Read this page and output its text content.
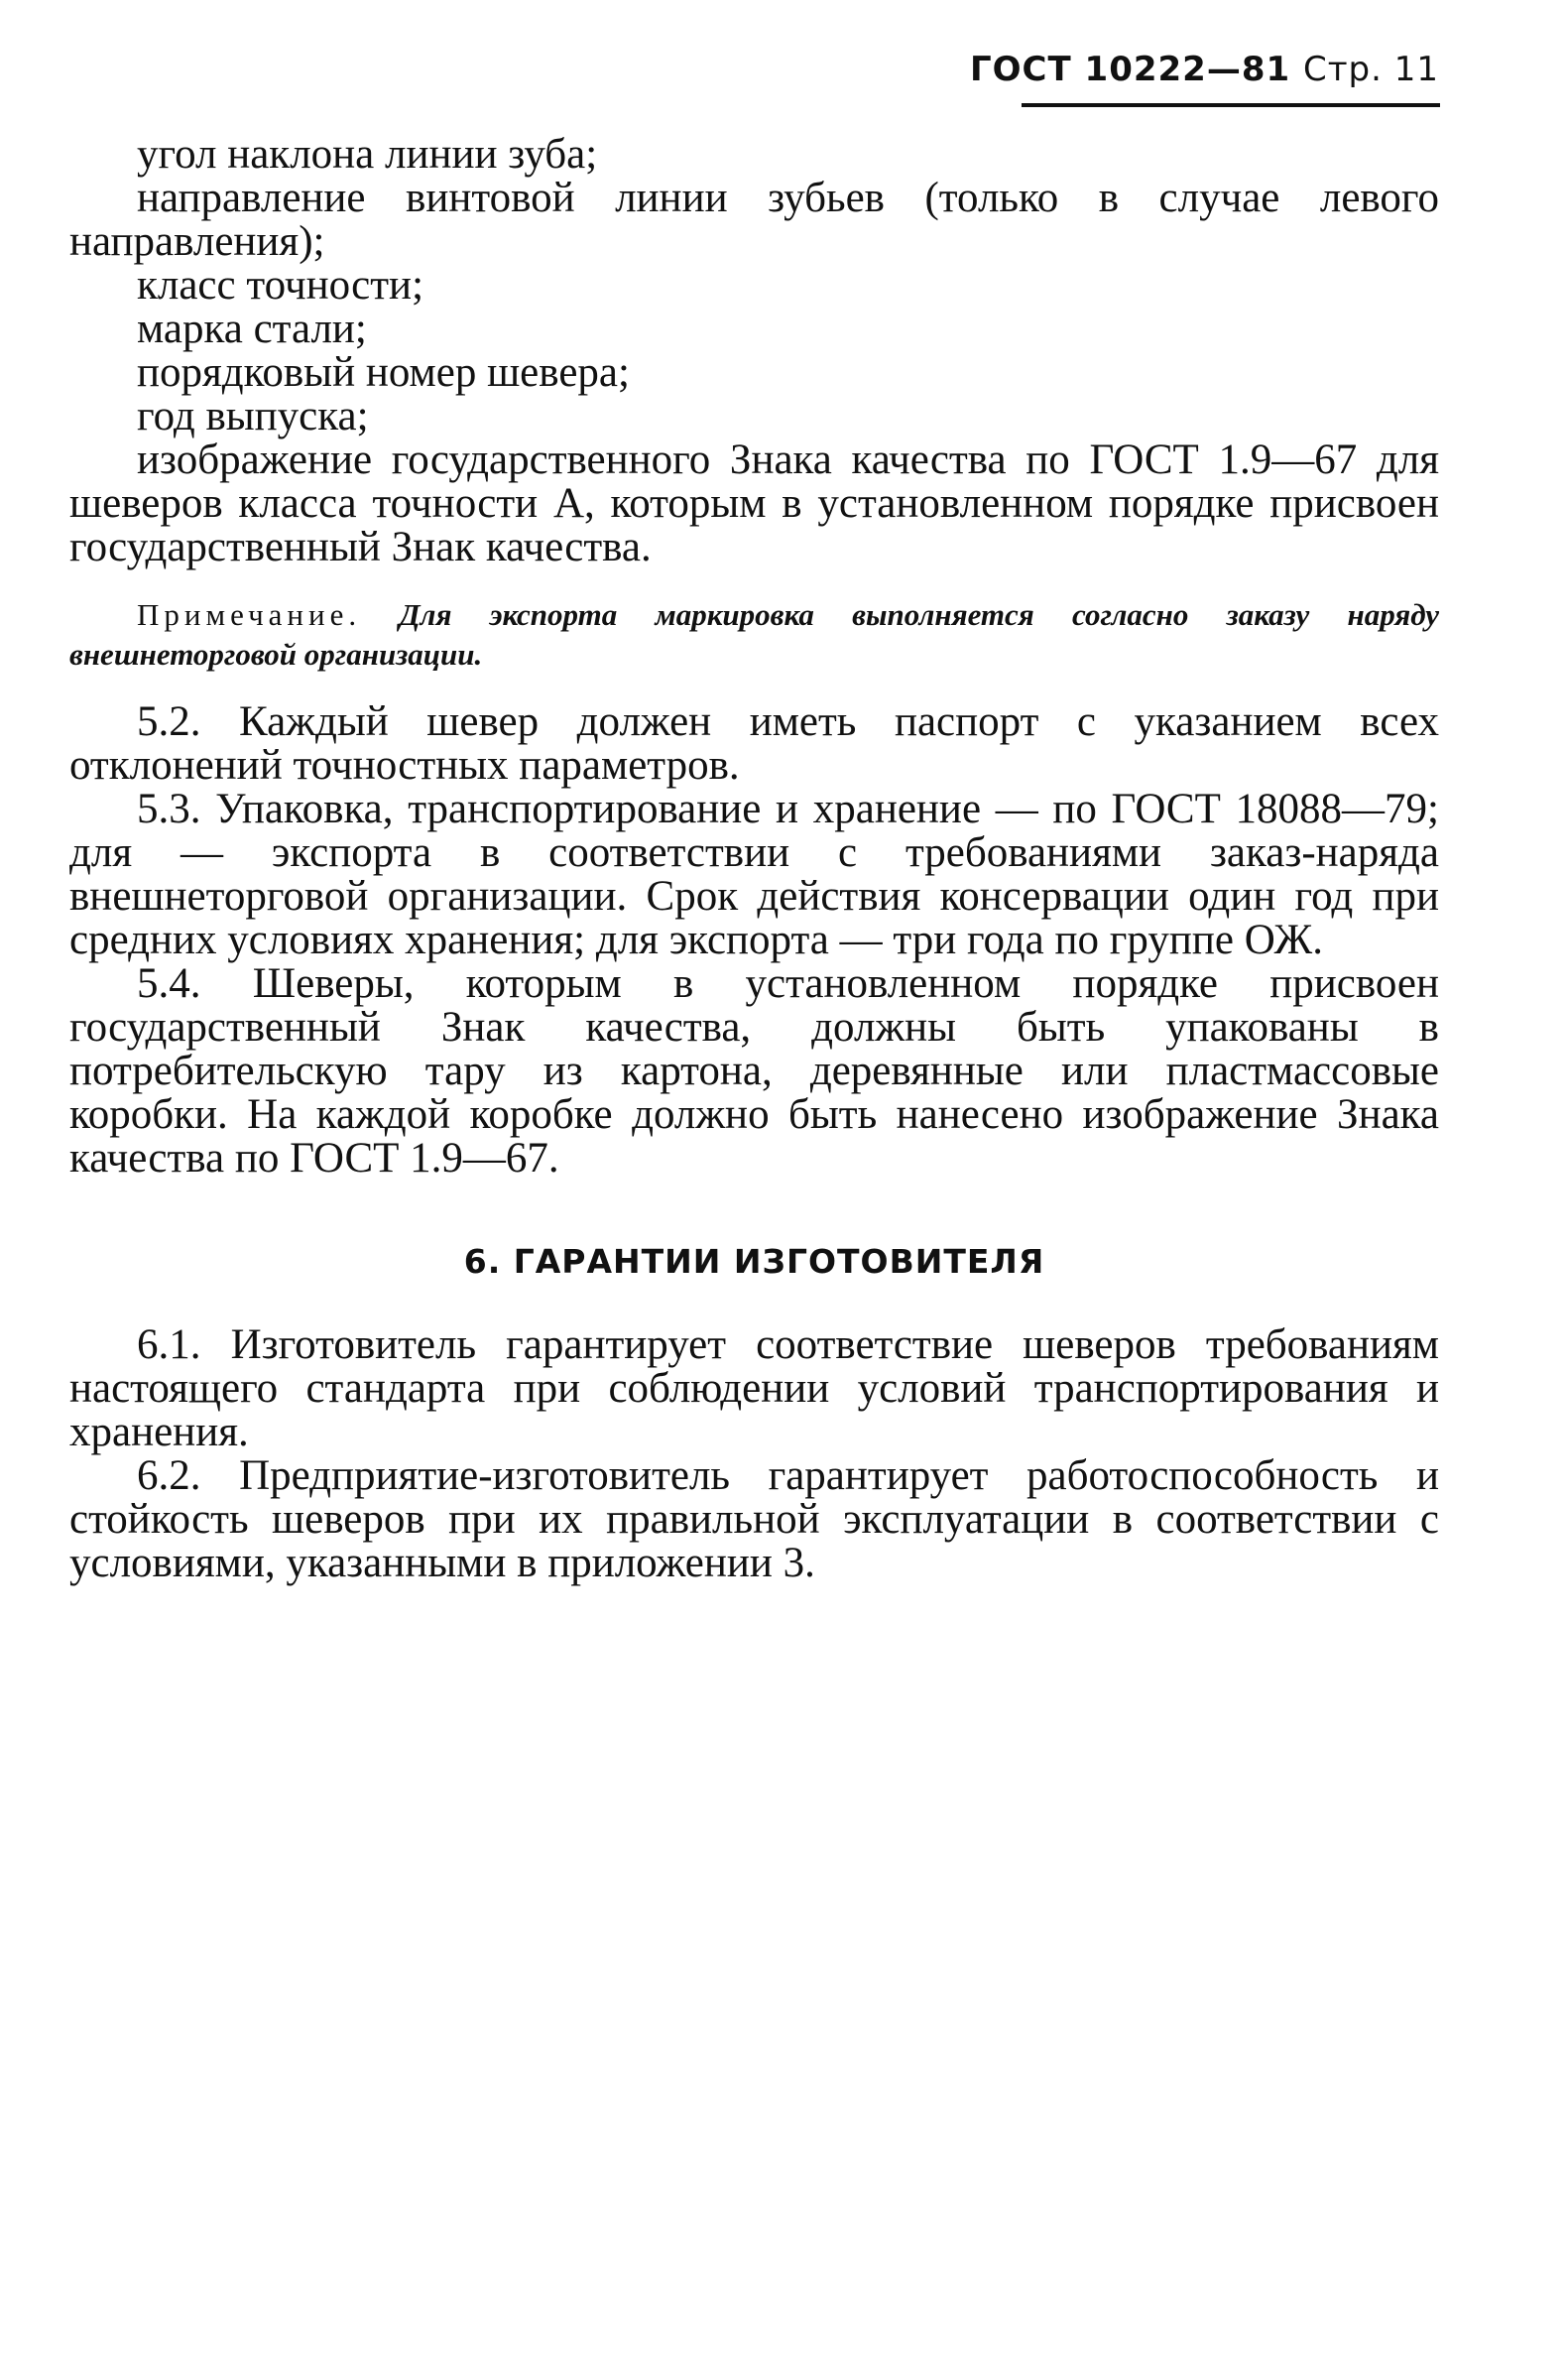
ГОСТ 10222—81 Стр. 11

угол наклона линии зуба;

направление винтовой линии зубьев (только в случае левого направления);

класс точности;

марка стали;

порядковый номер шевера;

год выпуска;

изображение государственного Знака качества по ГОСТ 1.9—67 для шеверов класса точности А, которым в установленном порядке присвоен государственный Знак качества.

Примечание. Для экспорта маркировка выполняется согласно заказу наряду внешнеторговой организации.

5.2. Каждый шевер должен иметь паспорт с указанием всех отклонений точностных параметров.

5.3. Упаковка, транспортирование и хранение — по ГОСТ 18088—79; для — экспорта в соответствии с требованиями заказ-наряда внешнеторговой организации. Срок действия консервации один год при средних условиях хранения; для экспорта — три года по группе ОЖ.

5.4. Шеверы, которым в установленном порядке присвоен государственный Знак качества, должны быть упакованы в потребительскую тару из картона, деревянные или пластмассовые коробки. На каждой коробке должно быть нанесено изображение Знака качества по ГОСТ 1.9—67.

6. ГАРАНТИИ ИЗГОТОВИТЕЛЯ

6.1. Изготовитель гарантирует соответствие шеверов требованиям настоящего стандарта при соблюдении условий транспортирования и хранения.

6.2. Предприятие-изготовитель гарантирует работоспособность и стойкость шеверов при их правильной эксплуатации в соответствии с условиями, указанными в приложении 3.
